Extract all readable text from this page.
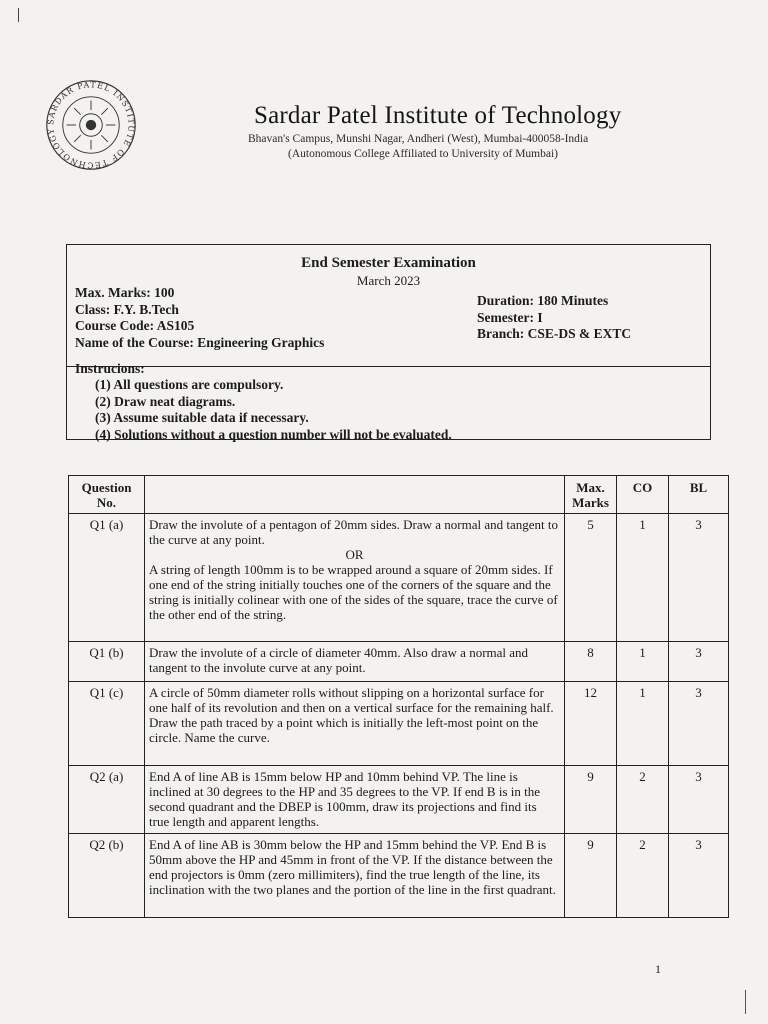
SARDAR PATEL INSTITUTE OF TECHNOLOGY
Sardar Patel Institute of Technology
Bhavan's Campus, Munshi Nagar, Andheri (West), Mumbai-400058-India
(Autonomous College Affiliated to University of Mumbai)
End Semester Examination
March 2023
Max. Marks: 100
Class: F.Y. B.Tech
Course Code: AS105
Name of the Course: Engineering Graphics
Duration: 180 Minutes
Semester: I
Branch: CSE-DS & EXTC
Instrucions:
(1) All questions are compulsory.
(2) Draw neat diagrams.
(3) Assume suitable data if necessary.
(4) Solutions without a question number will not be evaluated.
Question No.		Max. Marks	CO	BL
Q1 (a)	Draw the involute of a pentagon of 20mm sides. Draw a normal and tangent to the curve at any point.
OR
A string of length 100mm is to be wrapped around a square of 20mm sides. If one end of the string initially touches one of the corners of the square and the string is initially colinear with one of the sides of the square, trace the curve of the other end of the string.	5	1	3
Q1 (b)	Draw the involute of a circle of diameter 40mm. Also draw a normal and tangent to the involute curve at any point.	8	1	3
Q1 (c)	A circle of 50mm diameter rolls without slipping on a horizontal surface for one half of its revolution and then on a vertical surface for the remaining half. Draw the path traced by a point which is initially the left-most point on the circle. Name the curve.	12	1	3
Q2 (a)	End A of line AB is 15mm below HP and 10mm behind VP. The line is inclined at 30 degrees to the HP and 35 degrees to the VP. If end B is in the second quadrant and the DBEP is 100mm, draw its projections and find its true length and apparent lengths.	9	2	3
Q2 (b)	End A of line AB is 30mm below the HP and 15mm behind the VP. End B is 50mm above the HP and 45mm in front of the VP. If the distance between the end projectors is 0mm (zero millimiters), find the true length of the line, its inclination with the two planes and the portion of the line in the first quadrant.	9	2	3
1
